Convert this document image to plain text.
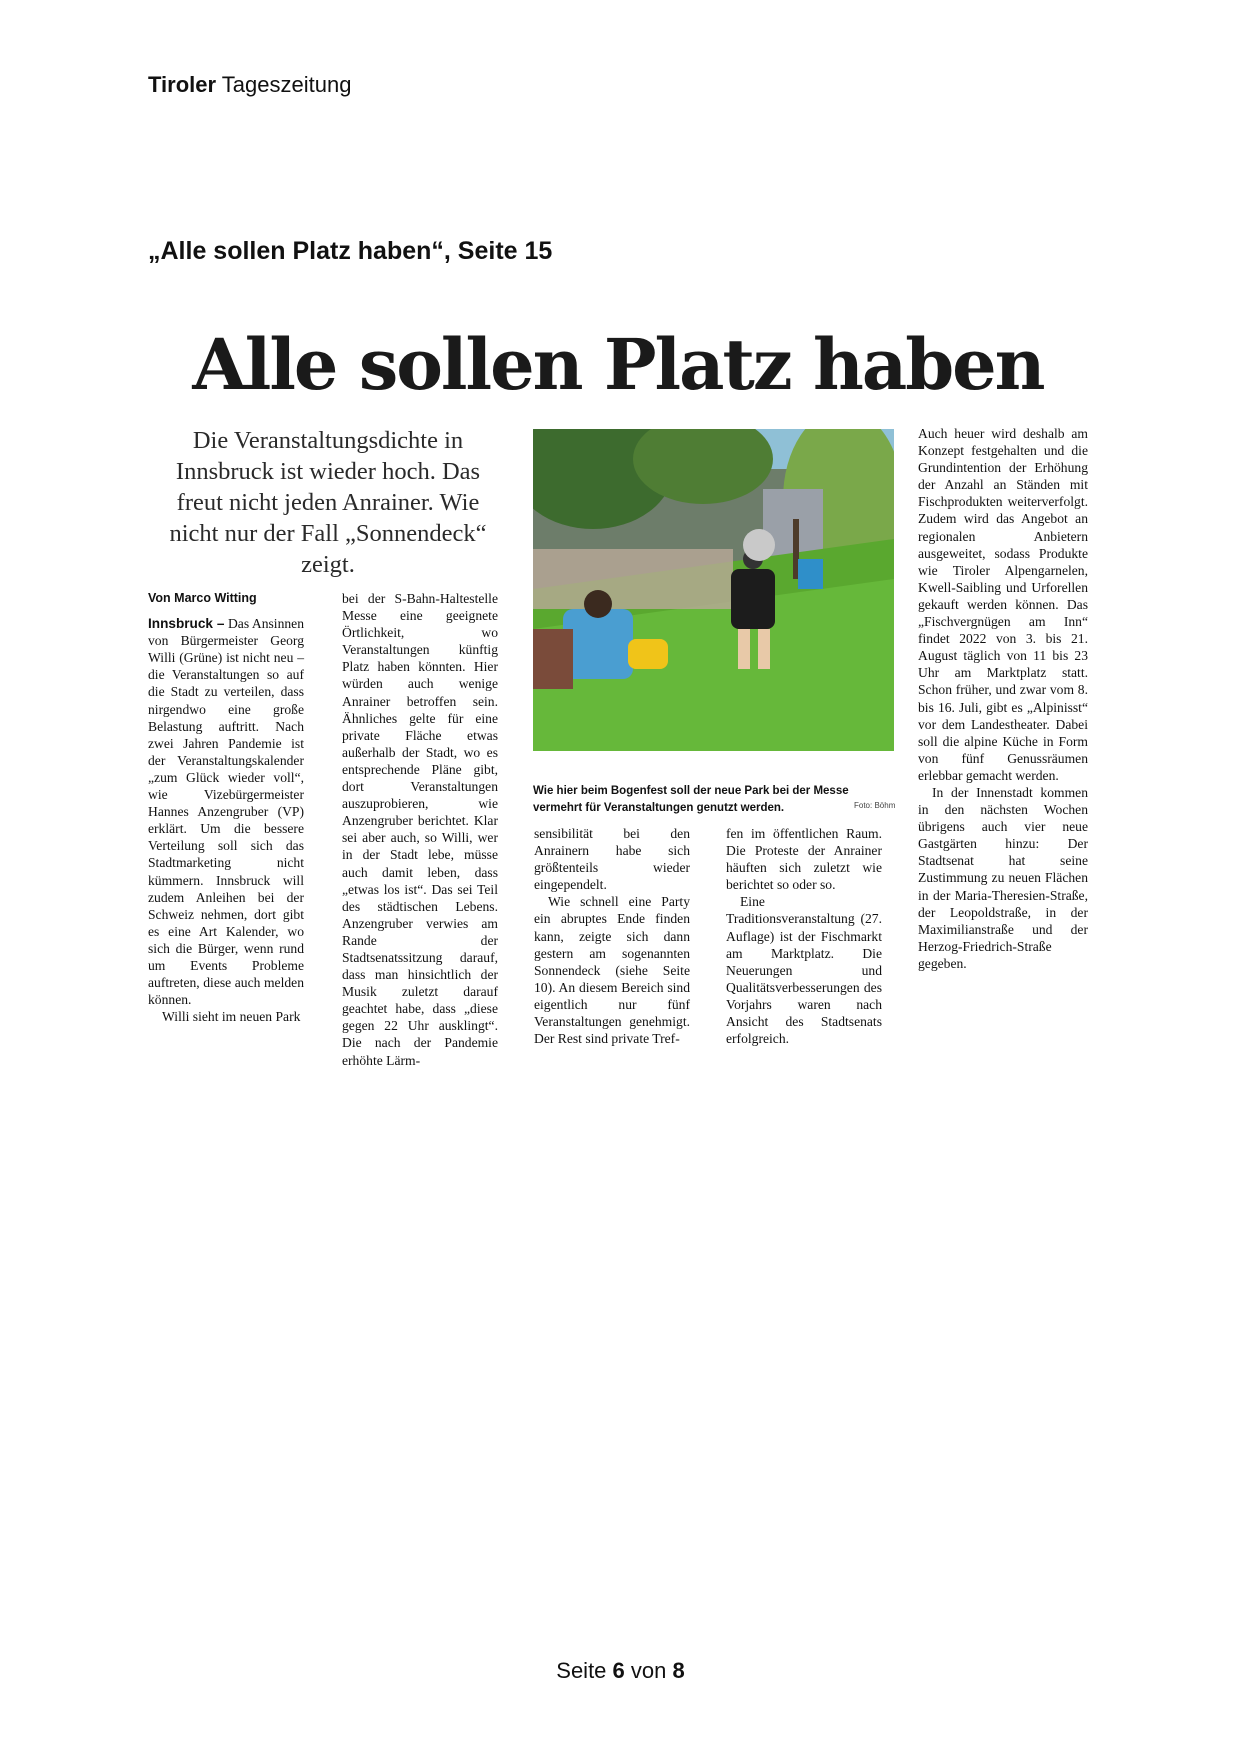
Tiroler Tageszeitung
„Alle sollen Platz haben“, Seite 15
Alle sollen Platz haben
Die Veranstaltungsdichte in Innsbruck ist wieder hoch. Das freut nicht jeden Anrainer. Wie nicht nur der Fall „Sonnendeck“ zeigt.

Von Marco Witting

Innsbruck – Das Ansinnen von Bürgermeister Georg Willi (Grüne) ist nicht neu – die Veranstaltungen so auf die Stadt zu verteilen, dass nirgendwo eine große Belastung auftritt. Nach zwei Jahren Pandemie ist der Veranstaltungskalender „zum Glück wieder voll“, wie Vizebürgermeister Hannes Anzengruber (VP) erklärt. Um die bessere Verteilung soll sich das Stadtmarketing nicht kümmern. Innsbruck will zudem Anleihen bei der Schweiz nehmen, dort gibt es eine Art Kalender, wo sich die Bürger, wenn rund um Events Probleme auftreten, diese auch melden können.

Willi sieht im neuen Park

bei der S-Bahn-Haltestelle Messe eine geeignete Örtlichkeit, wo Veranstaltungen künftig Platz haben könnten. Hier würden auch wenige Anrainer betroffen sein. Ähnliches gelte für eine private Fläche etwas außerhalb der Stadt, wo es entsprechende Pläne gibt, dort Veranstaltungen auszuprobieren, wie Anzengruber berichtet. Klar sei aber auch, so Willi, wer in der Stadt lebe, müsse auch damit leben, dass „etwas los ist“. Das sei Teil des städtischen Lebens. Anzengruber verwies am Rande der Stadtsenatssitzung darauf, dass man hinsichtlich der Musik zuletzt darauf geachtet habe, dass „diese gegen 22 Uhr ausklingt“. Die nach der Pandemie erhöhte Lärm-

Wie hier beim Bogenfest soll der neue Park bei der Messe vermehrt für Veranstaltungen genutzt werden.	Foto: Böhm

sensibilität bei den Anrainern habe sich größtenteils wieder eingependelt.

Wie schnell eine Party ein abruptes Ende finden kann, zeigte sich dann gestern am sogenannten Sonnendeck (siehe Seite 10). An diesem Bereich sind eigentlich nur fünf Veranstaltungen genehmigt. Der Rest sind private Tref-

fen im öffentlichen Raum. Die Proteste der Anrainer häuften sich zuletzt wie berichtet so oder so.

Eine Traditionsveranstaltung (27. Auflage) ist der Fischmarkt am Marktplatz. Die Neuerungen und Qualitätsverbesserungen des Vorjahrs waren nach Ansicht des Stadtsenats erfolgreich.

Auch heuer wird deshalb am Konzept festgehalten und die Grundintention der Erhöhung der Anzahl an Ständen mit Fischprodukten weiterverfolgt. Zudem wird das Angebot an regionalen Anbietern ausgeweitet, sodass Produkte wie Tiroler Alpengarnelen, Kwell-Saibling und Urforellen gekauft werden können. Das „Fischvergnügen am Inn“ findet 2022 von 3. bis 21. August täglich von 11 bis 23 Uhr am Marktplatz statt. Schon früher, und zwar vom 8. bis 16. Juli, gibt es „Alpinisst“ vor dem Landestheater. Dabei soll die alpine Küche in Form von fünf Genussräumen erlebbar gemacht werden.

In der Innenstadt kommen in den nächsten Wochen übrigens auch vier neue Gastgärten hinzu: Der Stadtsenat hat seine Zustimmung zu neuen Flächen in der Maria-Theresien-Straße, der Leopoldstraße, in der Maximilianstraße und der Herzog-Friedrich-Straße gegeben.

Seite 6 von 8
